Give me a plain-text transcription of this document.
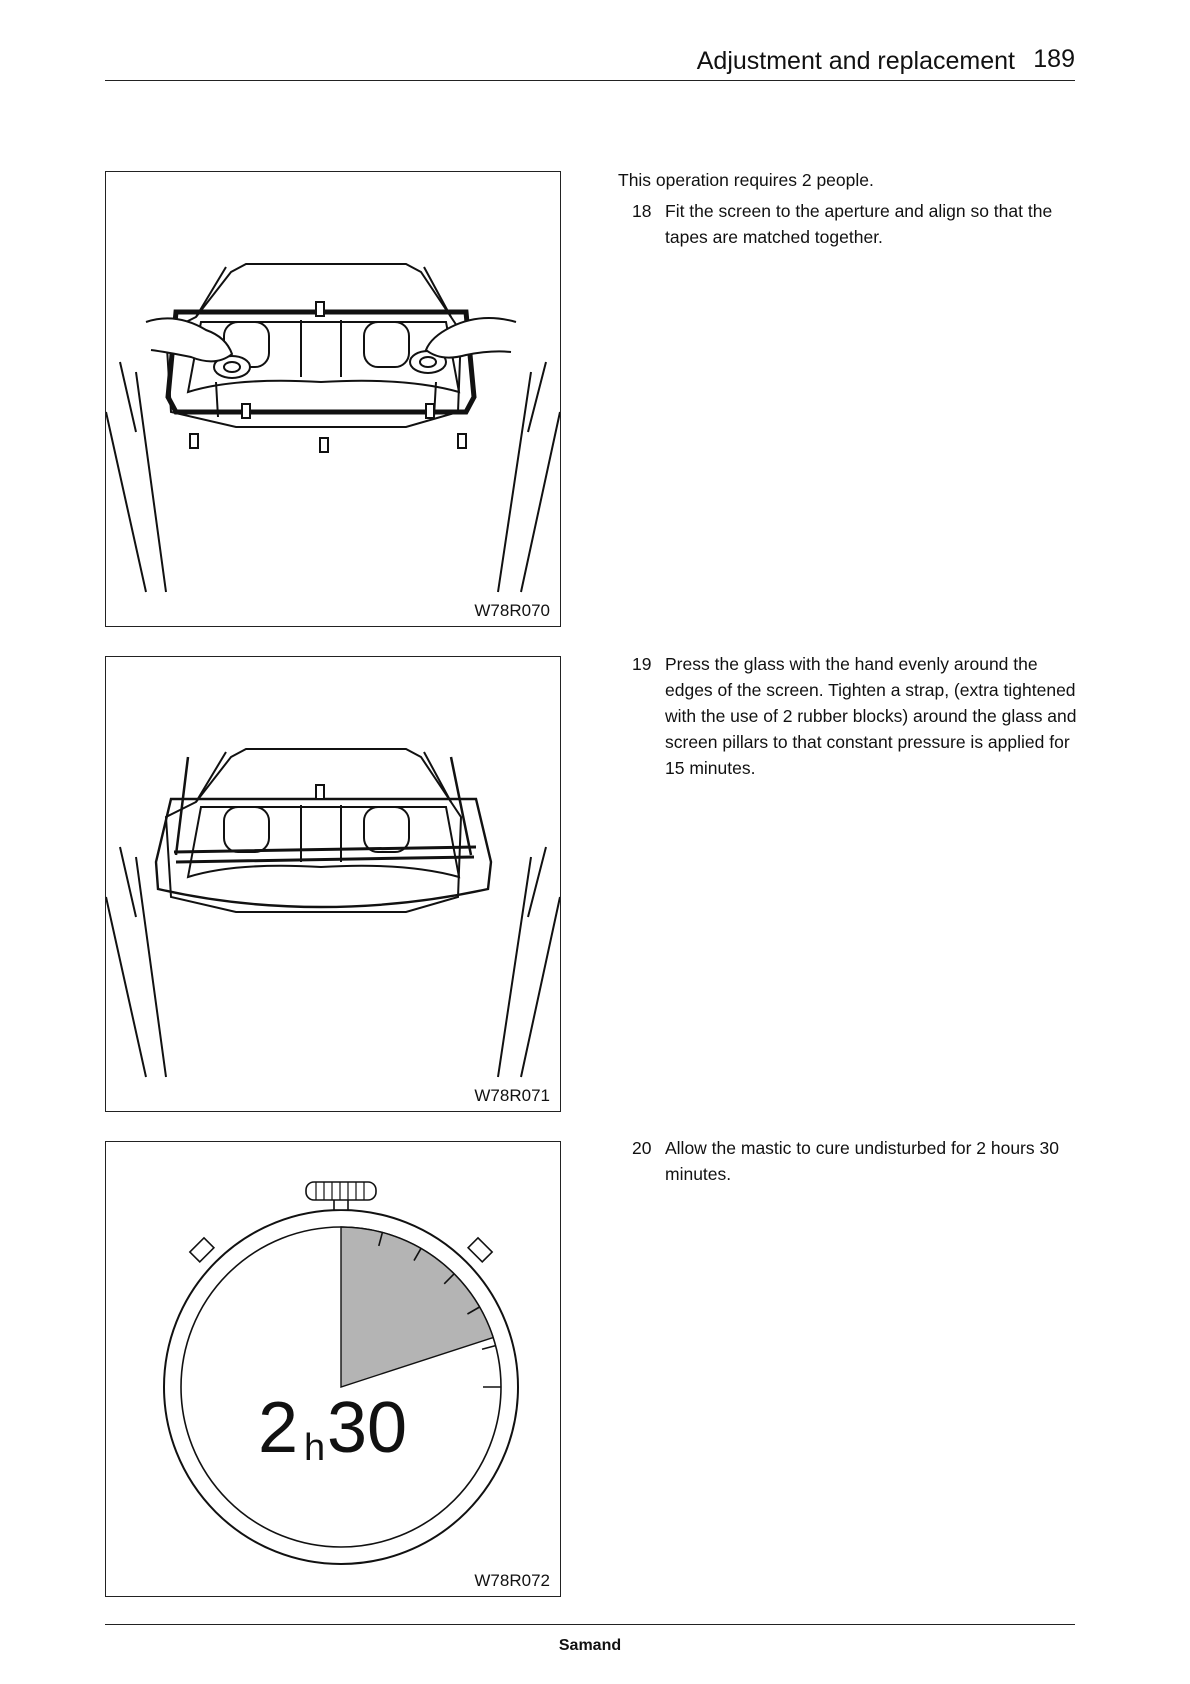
Adjustment and replacement 189
W78R070
W78R071
2 h 30
W78R072
This operation requires 2 people.
18 Fit the screen to the aperture and align so that the tapes are matched together.
19 Press the glass with the hand evenly around the edges of the screen. Tighten a strap, (extra tightened with the use of 2 rubber blocks) around the glass and screen pillars to that constant pressure is applied for 15 minutes.
20 Allow the mastic to cure undisturbed for 2 hours 30 minutes.
Samand
